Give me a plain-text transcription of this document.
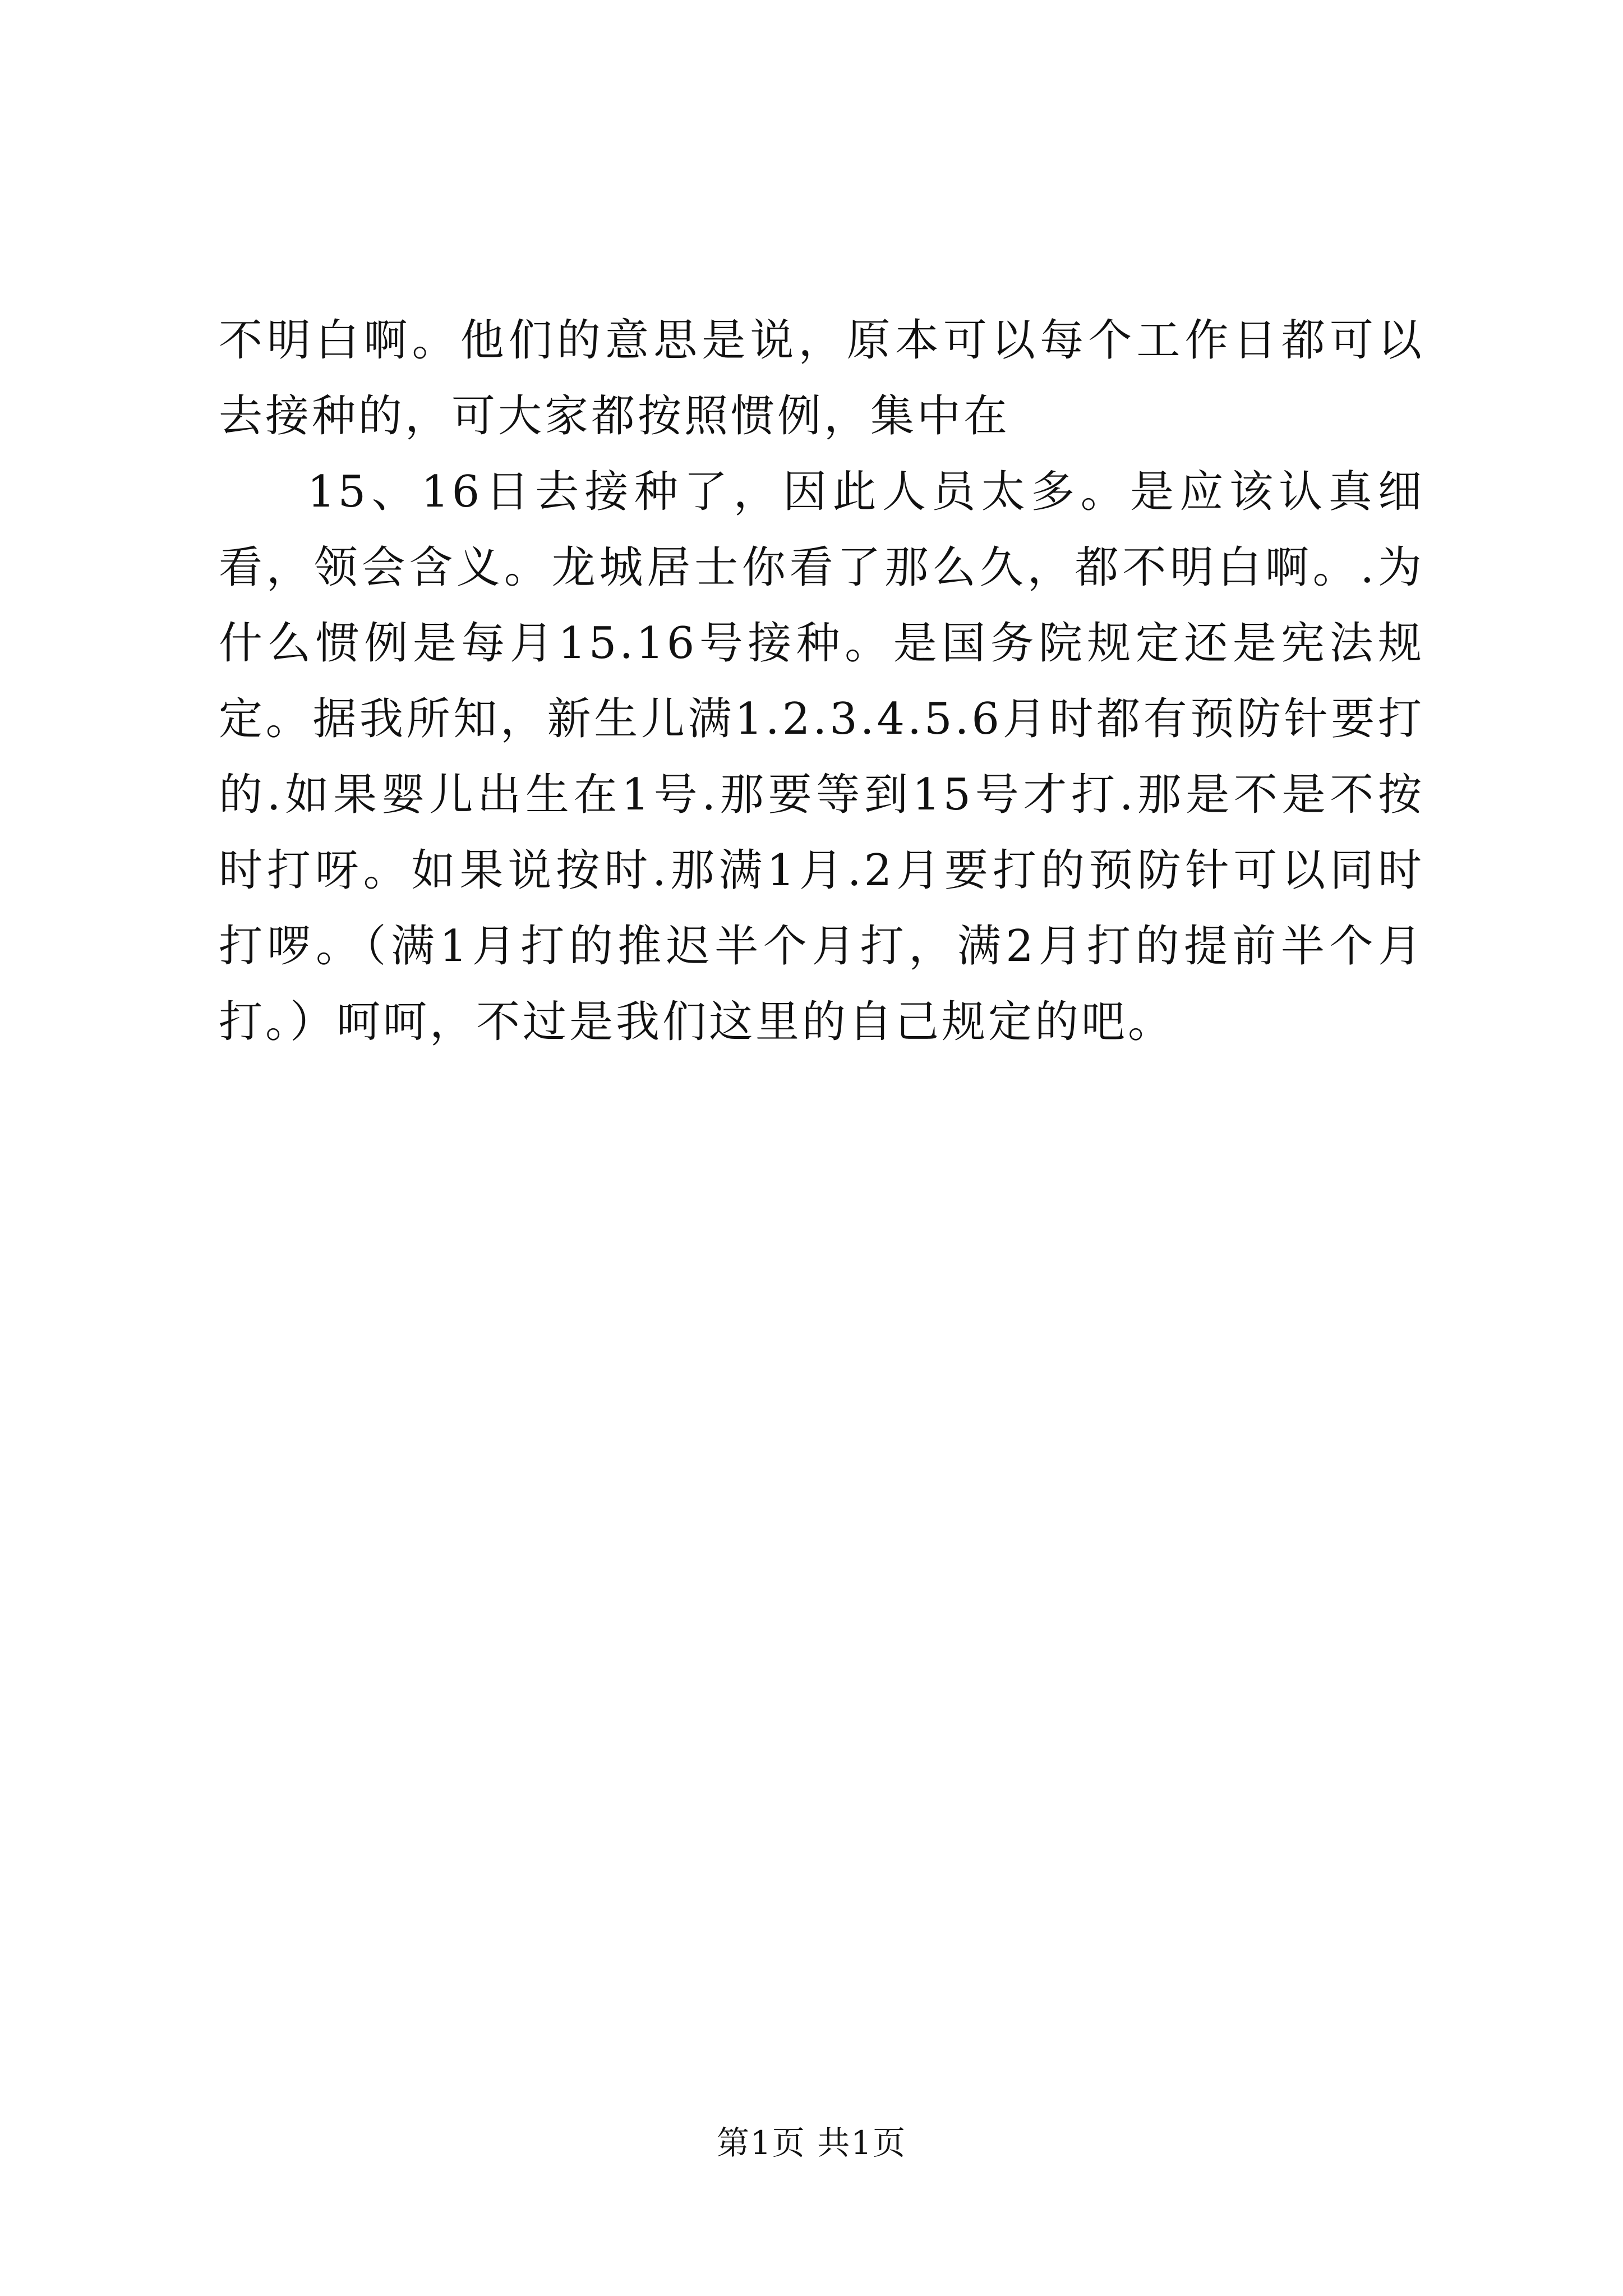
不明白啊。他们的意思是说，原本可以每个工作日都可以去接种的，可大家都按照惯例，集中在

15、16日去接种了，因此人员太多。是应该认真细看，领会含义。龙城居士你看了那么久，都不明白啊。.为什么惯例是每月15.16号接种。是国务院规定还是宪法规定。据我所知，新生儿满1.2.3.4.5.6月时都有预防针要打的.如果婴儿出生在1号.那要等到15号才打.那是不是不按时打呀。如果说按时.那满1月.2月要打的预防针可以同时打啰。（满1月打的推迟半个月打，满2月打的提前半个月打。）呵呵，不过是我们这里的自己规定的吧。

第1页 共1页
